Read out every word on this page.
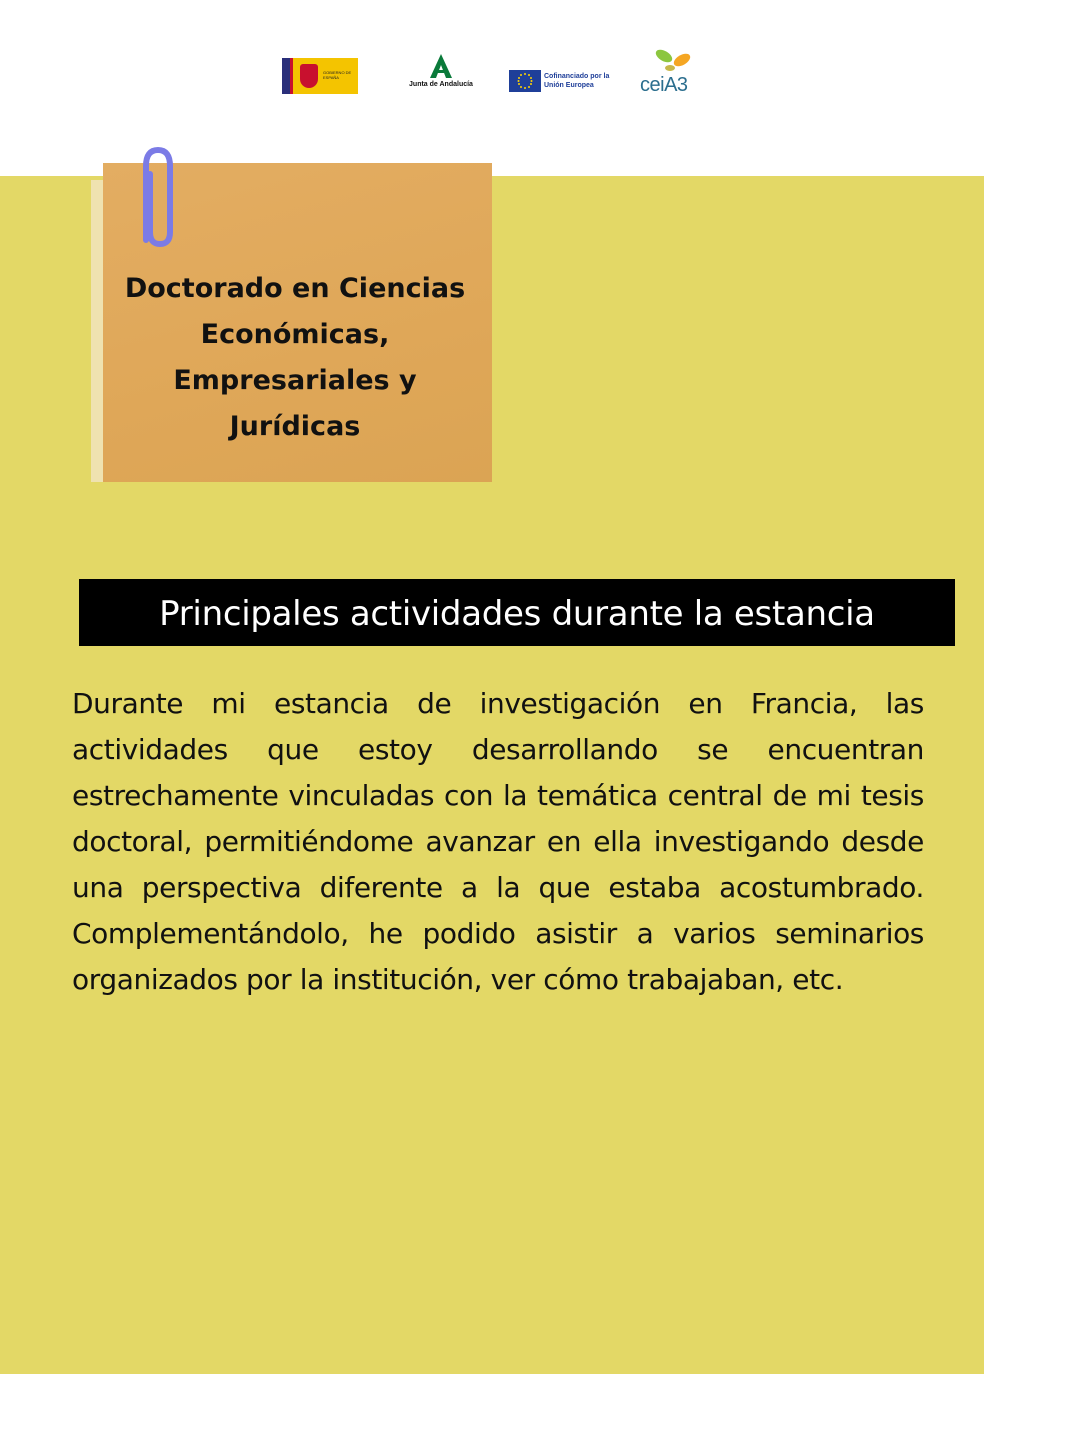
GOBIERNO DE ESPAÑA
Junta de Andalucía
Cofinanciado por la Unión Europea	ceiA3
Doctorado en Ciencias
Económicas,
Empresariales y
Jurídicas
Principales actividades durante la estancia
Durante mi estancia de investigación en Francia, las actividades que estoy desarrollando se encuentran estrechamente vinculadas con la temática central de mi tesis doctoral, permitiéndome avanzar en ella investigando desde una perspectiva diferente a la que estaba acostumbrado. Complementándolo, he podido asistir a varios seminarios organizados por la institución, ver cómo trabajaban, etc.
